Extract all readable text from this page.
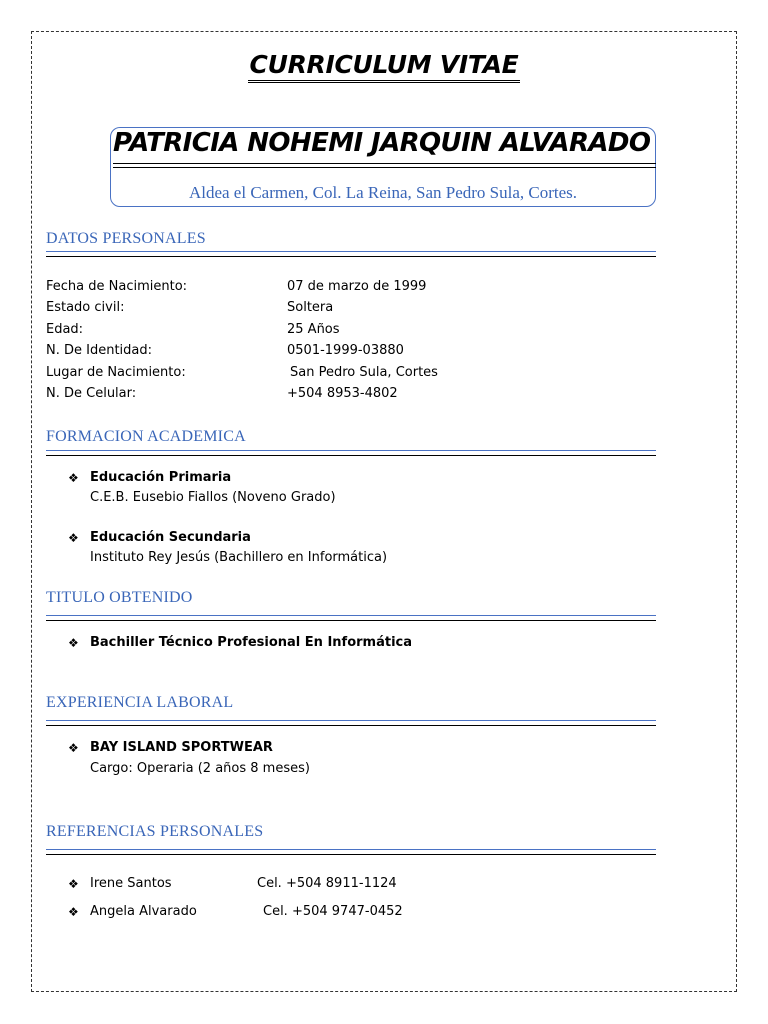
CURRICULUM VITAE
PATRICIA NOHEMI JARQUIN ALVARADO
Aldea el Carmen, Col. La Reina, San Pedro Sula, Cortes.
DATOS PERSONALES
Fecha de Nacimiento:	07 de marzo de 1999
Estado civil:	Soltera
Edad:	25 Años
N. De Identidad:	0501-1999-03880
Lugar de Nacimiento:	San Pedro Sula, Cortes
N. De Celular:	+504 8953-4802
FORMACION ACADEMICA
❖ Educación Primaria
C.E.B. Eusebio Fiallos (Noveno Grado)
❖ Educación Secundaria
Instituto Rey Jesús (Bachillero en Informática)
TITULO OBTENIDO
❖ Bachiller Técnico Profesional En Informática
EXPERIENCIA LABORAL
❖ BAY ISLAND SPORTWEAR
Cargo: Operaria (2 años 8 meses)
REFERENCIAS PERSONALES
❖ Irene Santos	Cel. +504 8911-1124
❖ Angela Alvarado	Cel. +504 9747-0452
